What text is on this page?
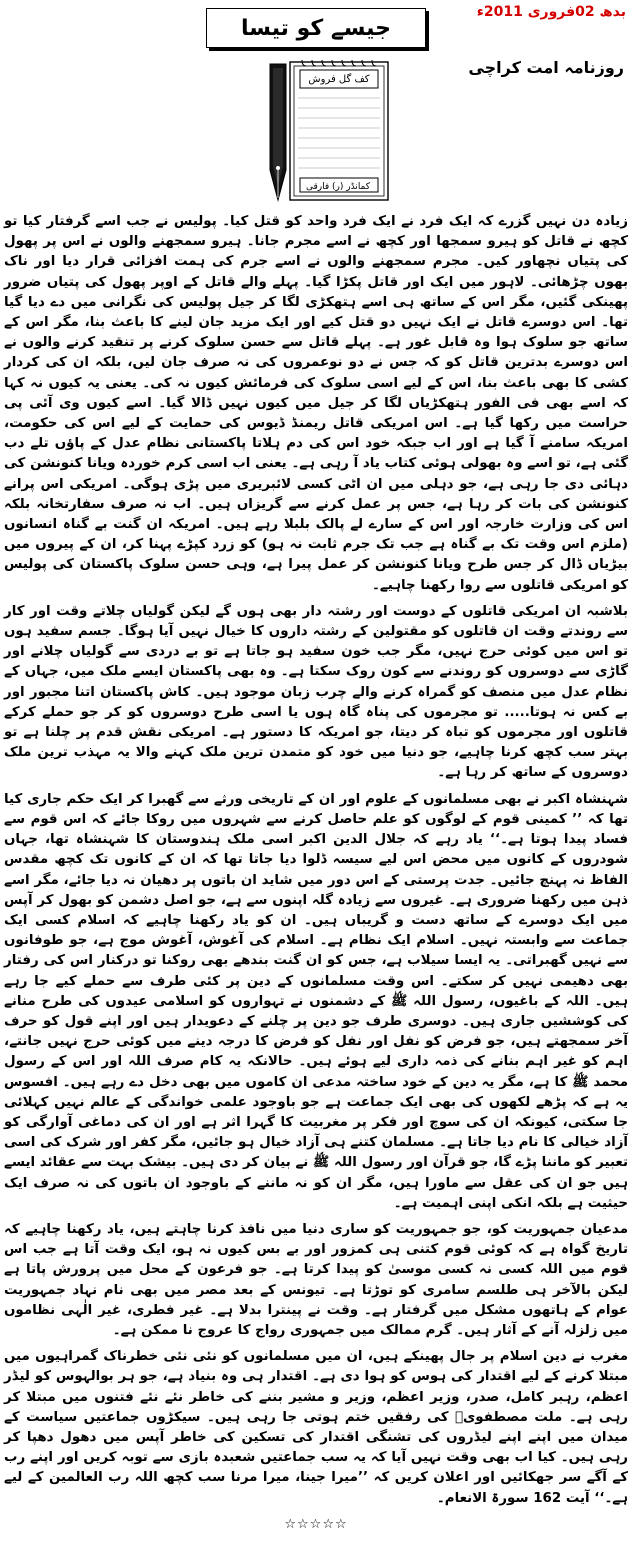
بدھ 02فروری 2011ء
جیسے کو تیسا
روزنامہ امت کراچی
کف گل فروش
کمانڈر (ر) فارقی

زیادہ دن نہیں گزرے کہ ایک فرد نے ایک فرد واحد کو قتل کیا۔ پولیس نے جب اسے گرفتار کیا تو کچھ نے قاتل کو ہیرو سمجھا اور کچھ نے اسے مجرم جانا۔ ہیرو سمجھنے والوں نے اس پر پھول کی پتیاں نچھاور کیں۔ مجرم سمجھنے والوں نے اسے جرم کی ہمت افزائی قرار دیا اور ناک بھوں چڑھائی۔ لاہور میں ایک اور قاتل پکڑا گیا۔ پہلے والے قاتل کے اوپر پھول کی پتیاں ضرور پھینکی گئیں، مگر اس کے ساتھ ہی اسے ہتھکڑی لگا کر جیل پولیس کی نگرانی میں دے دیا گیا تھا۔ اس دوسرے قاتل نے ایک نہیں دو قتل کیے اور ایک مزید جان لینے کا باعث بنا، مگر اس کے ساتھ جو سلوک ہوا وہ قابل غور ہے۔ پہلے قاتل سے حسن سلوک کرنے پر تنقید کرنے والوں نے اس دوسرے بدترین قاتل کو کہ جس نے دو نوعمروں کی نہ صرف جان لیں، بلکہ ان کی کردار کشی کا بھی باعث بنا، اس کے لیے اسی سلوک کی فرمائش کیوں نہ کی۔ یعنی یہ کیوں نہ کہا کہ اسے بھی فی الفور ہتھکڑیاں لگا کر جیل میں کیوں نہیں ڈالا گیا۔ اسے کیوں وی آئی پی حراست میں رکھا گیا ہے۔ اس امریکی قاتل ریمنڈ ڈیوس کی حمایت کے لیے اس کی حکومت، امریکہ سامنے آ گیا ہے اور اب جبکہ خود اس کی دم ہلاتا پاکستانی نظام عدل کے پاؤں تلے دب گئی ہے، تو اسے وہ بھولی ہوئی کتاب یاد آ رہی ہے۔ یعنی اب اسی کرم خوردہ ویانا کنونشن کی دہائی دی جا رہی ہے، جو دہلی میں ان اٹی کسی لائبریری میں پڑی ہوگی۔ امریکی اس پرانے کنونشن کی بات کر رہا ہے، جس پر عمل کرنے سے گریزاں ہیں۔ اب نہ صرف سفارتخانہ بلکہ اس کی وزارت خارجہ اور اس کے سارے لے پالک بلبلا رہے ہیں۔ امریکہ ان گنت بے گناہ انسانوں (ملزم اس وقت تک بے گناہ ہے جب تک جرم ثابت نہ ہو) کو زرد کپڑے پہنا کر، ان کے پیروں میں بیڑیاں ڈال کر جس طرح ویانا کنونشن کر عمل پیرا ہے، وہی حسن سلوک پاکستان کی پولیس کو امریکی قاتلوں سے روا رکھنا چاہیے۔

بلاشبہ ان امریکی قاتلوں کے دوست اور رشتہ دار بھی ہوں گے لیکن گولیاں چلاتے وقت اور کار سے روندتے وقت ان قاتلوں کو مقتولین کے رشتہ داروں کا خیال نہیں آیا ہوگا۔ جسم سفید ہوں تو اس میں کوئی حرج نہیں، مگر جب خون سفید ہو جاتا ہے تو بے دردی سے گولیاں چلانے اور گاڑی سے دوسروں کو روندنے سے کون روک سکتا ہے۔ وہ بھی پاکستان ایسے ملک میں، جہاں کے نظام عدل میں منصف کو گمراہ کرنے والے چرب زبان موجود ہیں۔ کاش پاکستان اتنا مجبور اور بے کس نہ ہوتا..... تو مجرموں کی پناہ گاہ ہوں یا اسی طرح دوسروں کو کر جو حملے کرکے قاتلوں اور مجرموں کو تباہ کر دیتا، جو امریکہ کا دستور ہے۔ امریکی نقش قدم پر چلنا ہے تو بہتر سب کچھ کرنا چاہیے، جو دنیا میں خود کو متمدن ترین ملک کہنے والا یہ مہذب ترین ملک دوسروں کے ساتھ کر رہا ہے۔

شہنشاہ اکبر نے بھی مسلمانوں کے علوم اور ان کے تاریخی ورثے سے گھبرا کر ایک حکم جاری کیا تھا کہ ’’ کمینی قوم کے لوگوں کو علم حاصل کرنے سے شہروں میں روکا جائے کہ اس قوم سے فساد پیدا ہوتا ہے۔‘‘ یاد رہے کہ جلال الدین اکبر اسی ملک ہندوستان کا شہنشاہ تھا، جہاں شودروں کے کانوں میں محض اس لیے سیسہ ڈلوا دیا جاتا تھا کہ ان کے کانوں تک کچھ مقدس الفاظ نہ پہنچ جائیں۔ جدت پرستی کے اس دور میں شاید ان باتوں پر دھیان نہ دیا جائے، مگر اسے ذہن میں رکھنا ضروری ہے۔ غیروں سے زیادہ گلہ اپنوں سے ہے، جو اصل دشمن کو بھول کر آپس میں ایک دوسرے کے ساتھ دست و گریباں ہیں۔ ان کو یاد رکھنا چاہیے کہ اسلام کسی ایک جماعت سے وابستہ نہیں۔ اسلام ایک نظام ہے۔ اسلام کی آغوش، آغوش موج ہے، جو طوفانوں سے نہیں گھبراتی۔ یہ ایسا سیلاب ہے، جس کو ان گنت بندھے بھی روکنا تو درکنار اس کی رفتار بھی دھیمی نہیں کر سکتے۔ اس وقت مسلمانوں کے دین پر کئی طرف سے حملے کیے جا رہے ہیں۔ اللہ کے باغیوں، رسول اللہ ﷺ کے دشمنوں نے تہواروں کو اسلامی عیدوں کی طرح منانے کی کوششیں جاری ہیں۔ دوسری طرف جو دین پر چلنے کے دعویدار ہیں اور اپنے قول کو حرف آخر سمجھتے ہیں، جو فرض کو نفل اور نفل کو فرض کا درجہ دینے میں کوئی حرج نہیں جانتے، اہم کو غیر اہم بنانے کی ذمہ داری لیے ہوئے ہیں۔ حالانکہ یہ کام صرف اللہ اور اس کے رسول محمد ﷺ کا ہے، مگر یہ دین کے خود ساختہ مدعی ان کاموں میں بھی دخل دے رہے ہیں۔ افسوس یہ ہے کہ پڑھے لکھوں کی بھی ایک جماعت ہے جو باوجود علمی خواندگی کے عالم نہیں کہلائی جا سکتی، کیونکہ ان کی سوچ اور فکر پر مغربیت کا گہرا اثر ہے اور ان کی دماغی آوارگی کو آزاد خیالی کا نام دیا جاتا ہے۔ مسلمان کتنے ہی آزاد خیال ہو جائیں، مگر کفر اور شرک کی اسی تعبیر کو ماننا پڑے گا، جو قرآن اور رسول اللہ ﷺ نے بیان کر دی ہیں۔ بیشک بہت سے عقائد ایسے ہیں جو ان کی عقل سے ماورا ہیں، مگر ان کو نہ ماننے کے باوجود ان باتوں کی نہ صرف ایک حیثیت ہے بلکہ انکی اپنی اہمیت ہے۔

مدعیان جمہوریت کو، جو جمہوریت کو ساری دنیا میں نافذ کرنا چاہتے ہیں، یاد رکھنا چاہیے کہ تاریخ گواہ ہے کہ کوئی قوم کتنی ہی کمزور اور بے بس کیوں نہ ہو، ایک وقت آتا ہے جب اس قوم میں اللہ کسی نہ کسی موسیٰ کو پیدا کرتا ہے۔ جو فرعون کے محل میں پرورش پاتا ہے لیکن بالآخر ہی طلسم سامری کو توڑتا ہے۔ تیونس کے بعد مصر میں بھی نام نہاد جمہوریت عوام کے ہاتھوں مشکل میں گرفتار ہے۔ وقت نے پینترا بدلا ہے۔ غیر فطری، غیر الٰہی نظاموں میں زلزلہ آنے کے آثار ہیں۔ گرم ممالک میں جمہوری رواج کا عروج نا ممکن ہے۔

مغرب نے دین اسلام پر جال پھینکے ہیں، ان میں مسلمانوں کو نئی نئی خطرناک گمراہیوں میں مبتلا کرنے کے لیے اقتدار کی ہوس کو ہوا دی ہے۔ اقتدار ہی وہ بنیاد ہے، جو ہر بوالہوس کو لیڈر اعظم، رہبر کامل، صدر، وزیر اعظم، وزیر و مشیر بننے کی خاطر نئے نئے فتنوں میں مبتلا کر رہی ہے۔ ملت مصطفویؐ کی رفقیں ختم ہوتی جا رہی ہیں۔ سیکڑوں جماعتیں سیاست کے میدان میں اپنے اپنے لیڈروں کی تشنگی اقتدار کی تسکین کی خاطر آپس میں دھول دھپا کر رہی ہیں۔ کیا اب بھی وقت نہیں آیا کہ یہ سب جماعتیں شعبدہ بازی سے توبہ کریں اور اپنے رب کے آگے سر جھکائیں اور اعلان کریں کہ ’’میرا جینا، میرا مرنا سب کچھ اللہ رب العالمین کے لیے ہے۔‘‘ آیت 162 سورۃ الانعام۔

☆☆☆☆☆
